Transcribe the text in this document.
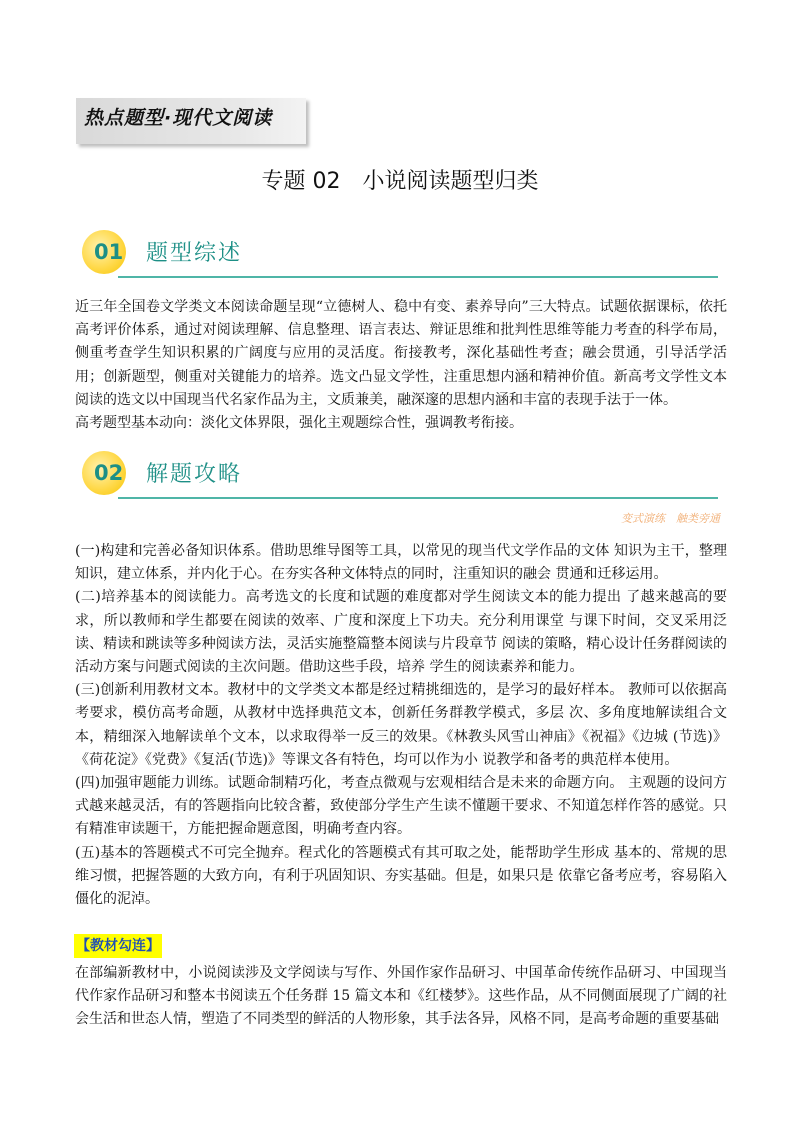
热点题型·现代文阅读
专题 02　小说阅读题型归类
01 题型综述

近三年全国卷文学类文本阅读命题呈现“立德树人、稳中有变、素养导向”三大特点。试题依据课标，依托高考评价体系，通过对阅读理解、信息整理、语言表达、辩证思维和批判性思维等能力考查的科学布局，侧重考查学生知识积累的广阔度与应用的灵活度。衔接教考，深化基础性考查；融会贯通，引导活学活用；创新题型，侧重对关键能力的培养。选文凸显文学性，注重思想内涵和精神价值。新高考文学性文本阅读的选文以中国现当代名家作品为主，文质兼美，融深邃的思想内涵和丰富的表现手法于一体。

高考题型基本动向：淡化文体界限，强化主观题综合性，强调教考衔接。

02 解题攻略
变式演练　触类旁通

(一)构建和完善必备知识体系。借助思维导图等工具，以常见的现当代文学作品的文体 知识为主干，整理知识，建立体系，并内化于心。在夯实各种文体特点的同时，注重知识的融会 贯通和迁移运用。

(二)培养基本的阅读能力。高考选文的长度和试题的难度都对学生阅读文本的能力提出 了越来越高的要求，所以教师和学生都要在阅读的效率、广度和深度上下功夫。充分利用课堂 与课下时间，交叉采用泛读、精读和跳读等多种阅读方法，灵活实施整篇整本阅读与片段章节 阅读的策略，精心设计任务群阅读的活动方案与问题式阅读的主次问题。借助这些手段，培养 学生的阅读素养和能力。

(三)创新利用教材文本。教材中的文学类文本都是经过精挑细选的，是学习的最好样本。 教师可以依据高考要求，模仿高考命题，从教材中选择典范文本，创新任务群教学模式，多层 次、多角度地解读组合文本，精细深入地解读单个文本，以求取得举一反三的效果。《林教头风雪山神庙》《祝福》《边城 (节选)》《荷花淀》《党费》《复活(节选)》等课文各有特色，均可以作为小 说教学和备考的典范样本使用。

(四)加强审题能力训练。试题命制精巧化，考查点微观与宏观相结合是未来的命题方向。 主观题的设问方式越来越灵活，有的答题指向比较含蓄，致使部分学生产生读不懂题干要求、不知道怎样作答的感觉。只有精准审读题干，方能把握命题意图，明确考查内容。

(五)基本的答题模式不可完全抛弃。程式化的答题模式有其可取之处，能帮助学生形成 基本的、常规的思维习惯，把握答题的大致方向，有利于巩固知识、夯实基础。但是，如果只是 依靠它备考应考，容易陷入僵化的泥淖。

【教材勾连】

在部编新教材中，小说阅读涉及文学阅读与写作、外国作家作品研习、中国革命传统作品研习、中国现当代作家作品研习和整本书阅读五个任务群 15 篇文本和《红楼梦》。这些作品，从不同侧面展现了广阔的社会生活和世态人情，塑造了不同类型的鲜活的人物形象，其手法各异，风格不同，是高考命题的重要基础
